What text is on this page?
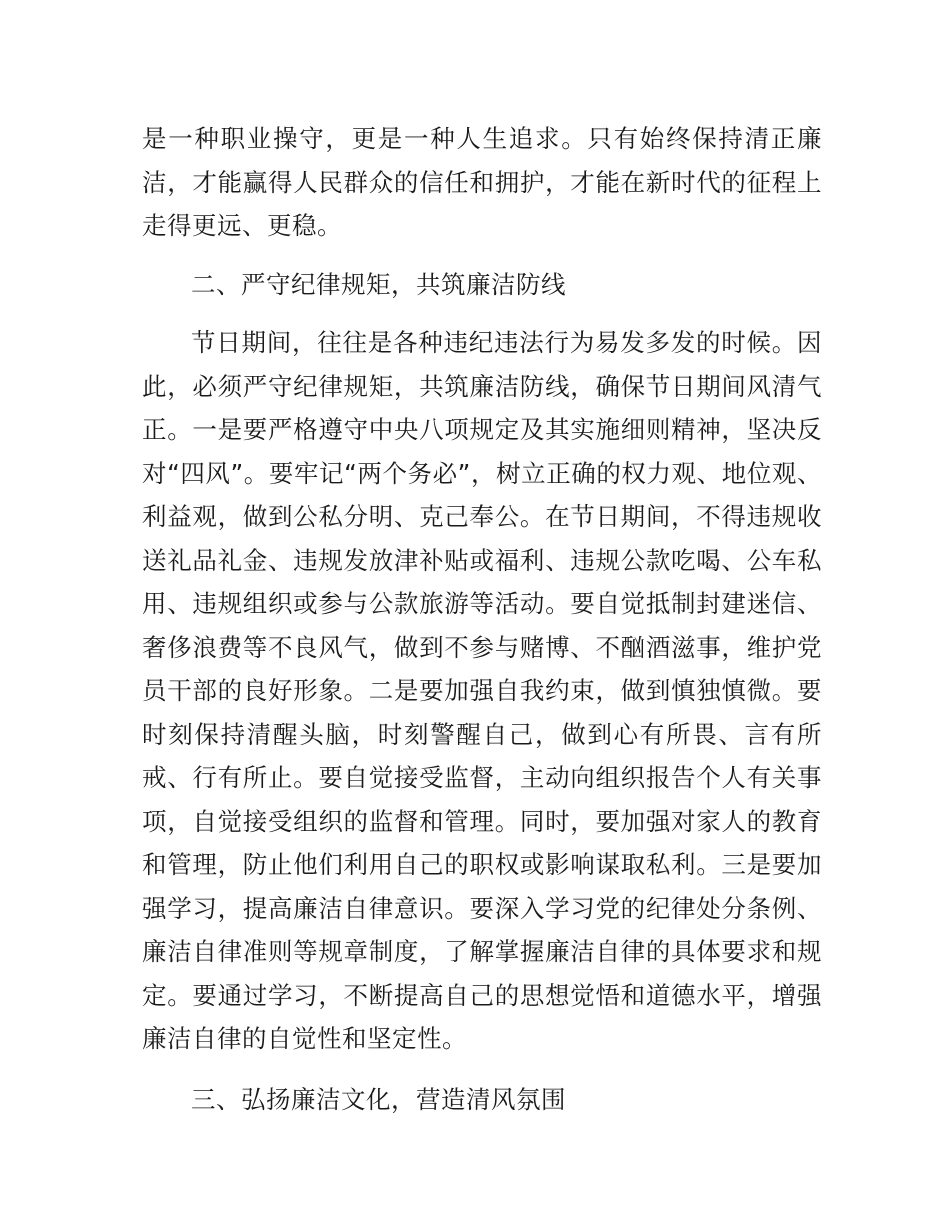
是一种职业操守，更是一种人生追求。只有始终保持清正廉洁，才能赢得人民群众的信任和拥护，才能在新时代的征程上走得更远、更稳。

二、严守纪律规矩，共筑廉洁防线

节日期间，往往是各种违纪违法行为易发多发的时候。因此，必须严守纪律规矩，共筑廉洁防线，确保节日期间风清气正。一是要严格遵守中央八项规定及其实施细则精神，坚决反对“四风”。要牢记“两个务必”，树立正确的权力观、地位观、利益观，做到公私分明、克己奉公。在节日期间，不得违规收送礼品礼金、违规发放津补贴或福利、违规公款吃喝、公车私用、违规组织或参与公款旅游等活动。要自觉抵制封建迷信、奢侈浪费等不良风气，做到不参与赌博、不酗酒滋事，维护党员干部的良好形象。二是要加强自我约束，做到慎独慎微。要时刻保持清醒头脑，时刻警醒自己，做到心有所畏、言有所戒、行有所止。要自觉接受监督，主动向组织报告个人有关事项，自觉接受组织的监督和管理。同时，要加强对家人的教育和管理，防止他们利用自己的职权或影响谋取私利。三是要加强学习，提高廉洁自律意识。要深入学习党的纪律处分条例、廉洁自律准则等规章制度，了解掌握廉洁自律的具体要求和规定。要通过学习，不断提高自己的思想觉悟和道德水平，增强廉洁自律的自觉性和坚定性。

三、弘扬廉洁文化，营造清风氛围
